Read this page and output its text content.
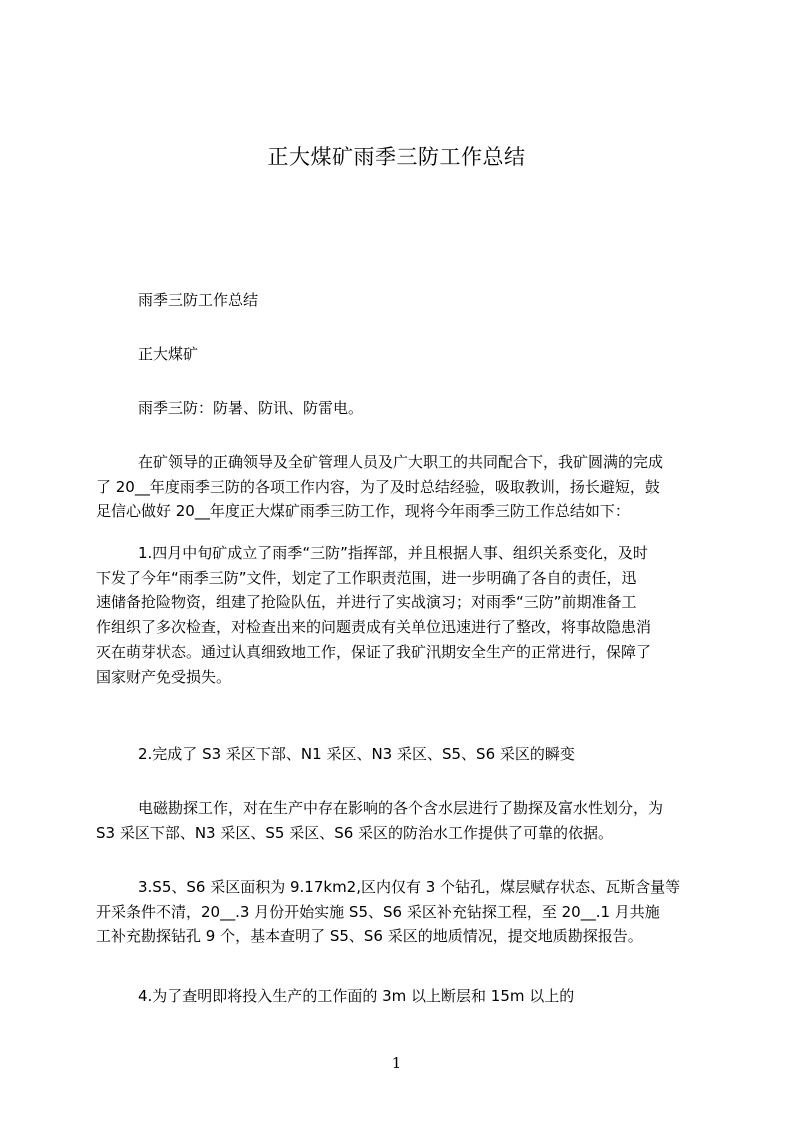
正大煤矿雨季三防工作总结

雨季三防工作总结

正大煤矿

雨季三防：防暑、防讯、防雷电。

在矿领导的正确领导及全矿管理人员及广大职工的共同配合下，我矿圆满的完成
了 20__年度雨季三防的各项工作内容，为了及时总结经验，吸取教训，扬长避短，鼓
足信心做好 20__年度正大煤矿雨季三防工作，现将今年雨季三防工作总结如下：

1.四月中旬矿成立了雨季“三防”指挥部，并且根据人事、组织关系变化，及时
下发了今年“雨季三防”文件，划定了工作职责范围，进一步明确了各自的责任，迅
速储备抢险物资，组建了抢险队伍，并进行了实战演习；对雨季“三防”前期准备工
作组织了多次检查，对检查出来的问题责成有关单位迅速进行了整改，将事故隐患消
灭在萌芽状态。通过认真细致地工作，保证了我矿汛期安全生产的正常进行，保障了
国家财产免受损失。

2.完成了 S3 采区下部、N1 采区、N3 采区、S5、S6 采区的瞬变

电磁勘探工作，对在生产中存在影响的各个含水层进行了勘探及富水性划分，为
S3 采区下部、N3 采区、S5 采区、S6 采区的防治水工作提供了可靠的依据。

3.S5、S6 采区面积为 9.17km2,区内仅有 3 个钻孔，煤层赋存状态、瓦斯含量等
开采条件不清，20__.3 月份开始实施 S5、S6 采区补充钻探工程，至 20__.1 月共施
工补充勘探钻孔 9 个，基本查明了 S5、S6 采区的地质情况，提交地质勘探报告。

4.为了查明即将投入生产的工作面的 3m 以上断层和 15m 以上的

1
